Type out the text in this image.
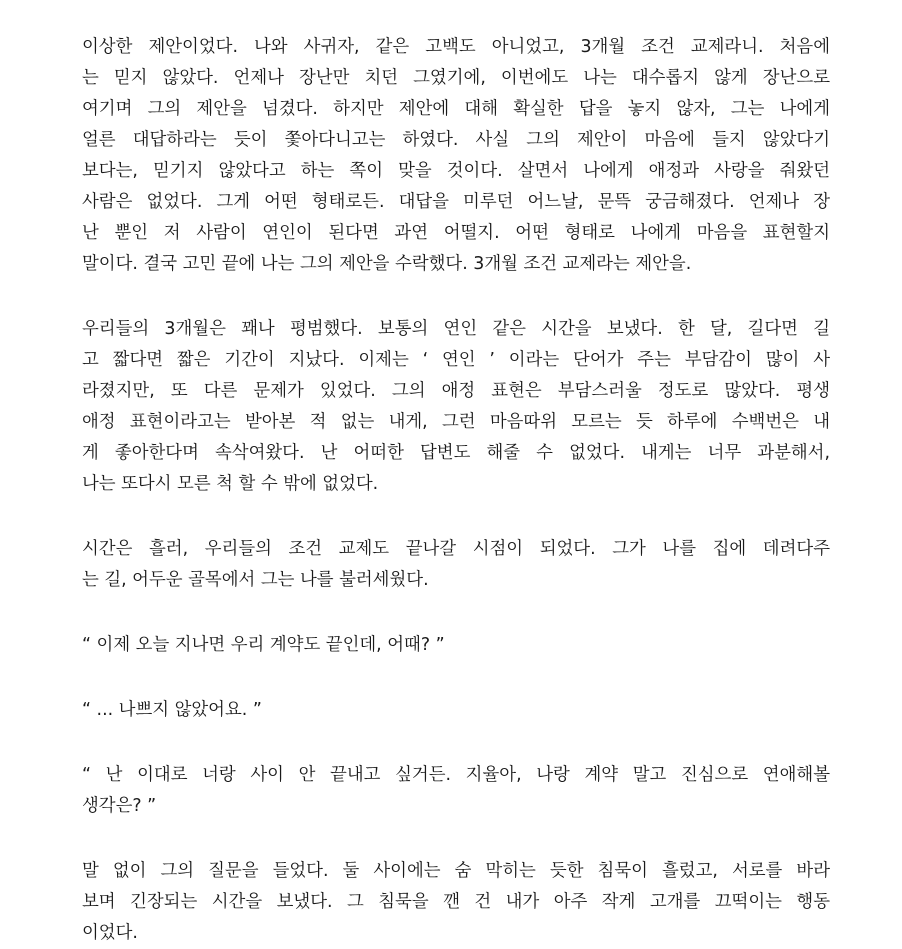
이상한 제안이었다. 나와 사귀자, 같은 고백도 아니었고, 3개월 조건 교제라니. 처음에
는 믿지 않았다. 언제나 장난만 치던 그였기에, 이번에도 나는 대수롭지 않게 장난으로
여기며 그의 제안을 넘겼다. 하지만 제안에 대해 확실한 답을 놓지 않자, 그는 나에게
얼른 대답하라는 듯이 쫓아다니고는 하였다. 사실 그의 제안이 마음에 들지 않았다기
보다는, 믿기지 않았다고 하는 쪽이 맞을 것이다. 살면서 나에게 애정과 사랑을 줘왔던
사람은 없었다. 그게 어떤 형태로든. 대답을 미루던 어느날, 문뜩 궁금해졌다. 언제나 장
난 뿐인 저 사람이 연인이 된다면 과연 어떨지. 어떤 형태로 나에게 마음을 표현할지
말이다. 결국 고민 끝에 나는 그의 제안을 수락했다. 3개월 조건 교제라는 제안을.
우리들의 3개월은 꽤나 평범했다. 보통의 연인 같은 시간을 보냈다. 한 달, 길다면 길
고 짧다면 짧은 기간이 지났다. 이제는 ‘ 연인 ’ 이라는 단어가 주는 부담감이 많이 사
라졌지만, 또 다른 문제가 있었다. 그의 애정 표현은 부담스러울 정도로 많았다. 평생
애정 표현이라고는 받아본 적 없는 내게, 그런 마음따위 모르는 듯 하루에 수백번은 내
게 좋아한다며 속삭여왔다. 난 어떠한 답변도 해줄 수 없었다. 내게는 너무 과분해서,
나는 또다시 모른 척 할 수 밖에 없었다.
시간은 흘러, 우리들의 조건 교제도 끝나갈 시점이 되었다. 그가 나를 집에 데려다주
는 길, 어두운 골목에서 그는 나를 불러세웠다.
“ 이제 오늘 지나면 우리 계약도 끝인데, 어때? ”
“ ... 나쁘지 않았어요. ”
“ 난 이대로 너랑 사이 안 끝내고 싶거든. 지율아, 나랑 계약 말고 진심으로 연애해볼
생각은? ”
말 없이 그의 질문을 들었다. 둘 사이에는 숨 막히는 듯한 침묵이 흘렀고, 서로를 바라
보며 긴장되는 시간을 보냈다. 그 침묵을 깬 건 내가 아주 작게 고개를 끄떡이는 행동
이었다.
